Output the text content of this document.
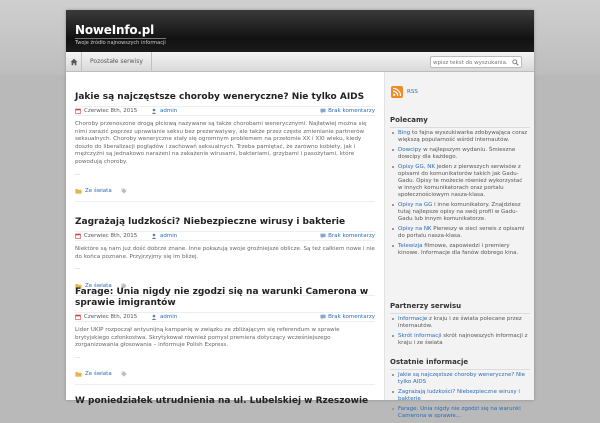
NoweInfo.pl
Twoje źródło najnowszych informacji
Pozostałe serwisy
wpisz tekst do wyszukania....
Jakie są najczęstsze choroby weneryczne? Nie tylko AIDS
Czerwiec 8th, 2015	admin	Brak komentarzy
Choroby przenoszone drogą płciową nazywane są także chorobami wenerycznymi. Najłatwiej można się nimi zarazić poprzez uprawianie seksu bez prezerwatywy, ale także przez częste zmienianie partnerów seksualnych. Choroby weneryczne stały się ogromnym problemem na przełomie XX i XXI wieku, kiedy doszło do liberalizacji poglądów i zachowań seksualnych. Trzeba pamiętać, że zarówno kobiety, jak i mężczyźni są jednakowo narażeni na zakażenie wirusami, bakteriami, grzybami i pasożytami, które powodują choroby.
...
Ze świata
Zagrażają ludzkości? Niebezpieczne wirusy i bakterie
Czerwiec 8th, 2015	admin	Brak komentarzy
Niektóre są nam już dość dobrze znane. Inne pokazują swoje groźniejsze oblicze. Są też całkiem nowe i nie do końca poznane. Przyjrzyjmy się im bliżej.
...
Ze świata
Farage: Unia nigdy nie zgodzi się na warunki Camerona w sprawie imigrantów
Czerwiec 8th, 2015	admin	Brak komentarzy
Lider UKIP rozpoczął antyunijną kampanię w związku ze zbliżającym się referendum w sprawie brytyjskiego członkostwa. Skrytykował również pomysł premiera dotyczący wcześniejszego zorganizowania głosowania – informuje Polish Express.
...
Ze świata
W poniedziałek utrudnienia na ul. Lubelskiej w Rzeszowie
RSS
Polecamy
Bing to fajna wyszukiwarka zdobywająca coraz większą popularność wśród internautów.
Dowcipy w najlepszym wydaniu. Śmieszne dowcipy dla każdego.
Opisy GG, NK jeden z pierwszych serwisów z opisami do komunikatorów takich jak Gadu-Gadu. Opisy te możecie również wykorzystać w innych komunikatorach oraz portalu społecznościowym nasza-klasa.
Opisy na GG i inne komunikatory. Znajdziesz tutaj najlepsze opisy na swój profil w Gadu-Gadu lub innym komunikatorze.
Opisy na NK Pierwszy w sieci serwis z opisami do portalu nasza-klasa.
Telewizja filmowe, zapowiedzi i premiery kinowe. Informacje dla fanów dobrego kina.
Partnerzy serwisu
Informacje z kraju i ze świata polecane przez internautów.
Skrót informacji skrót najnowszych informacji z kraju i ze świata
Ostatnie informacje
Jakie są najczęstsze choroby weneryczne? Nie tylko AIDS
Zagrażają ludzkości? Niebezpieczne wirusy i bakterie
Farage: Unia nigdy nie zgodzi się na warunki Camerona w sprawie...
